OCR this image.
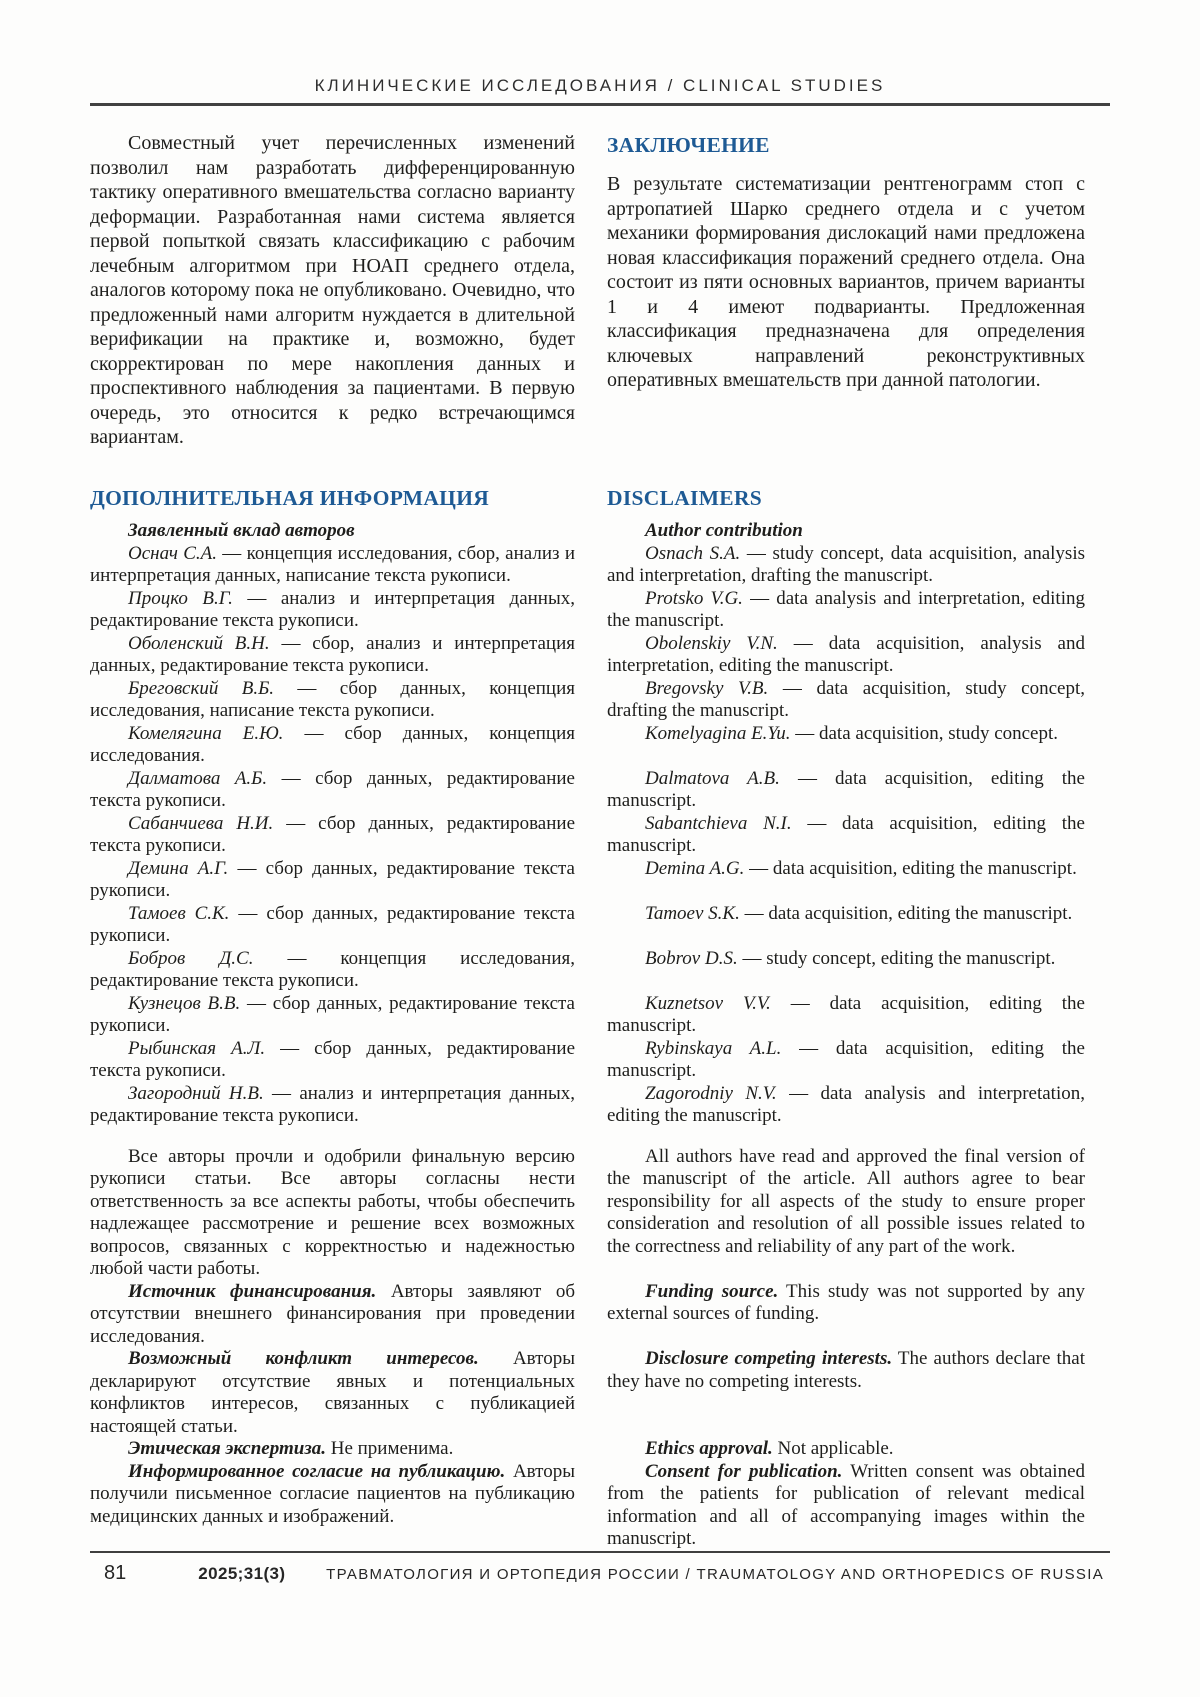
КЛИНИЧЕСКИЕ ИССЛЕДОВАНИЯ / CLINICAL STUDIES

Совместный учет перечисленных изменений позволил нам разработать дифференцированную тактику оперативного вмешательства согласно варианту деформации. Разработанная нами система является первой попыткой связать классификацию с рабочим лечебным алгоритмом при НОАП среднего отдела, аналогов которому пока не опубликовано. Очевидно, что предложенный нами алгоритм нуждается в длительной верификации на практике и, возможно, будет скорректирован по мере накопления данных и проспективного наблюдения за пациентами. В первую очередь, это относится к редко встречающимся вариантам.

ЗАКЛЮЧЕНИЕ

В результате систематизации рентгенограмм стоп с артропатией Шарко среднего отдела и с учетом механики формирования дислокаций нами предложена новая классификация поражений среднего отдела. Она состоит из пяти основных вариантов, причем варианты 1 и 4 имеют подварианты. Предложенная классификация предназначена для определения ключевых направлений реконструктивных оперативных вмешательств при данной патологии.

ДОПОЛНИТЕЛЬНАЯ ИНФОРМАЦИЯ	DISCLAIMERS

Заявленный вклад авторов	Author contribution

Оснач С.А. — концепция исследования, сбор, анализ и интерпретация данных, написание текста рукописи.

Osnach S.A. — study concept, data acquisition, analysis and interpretation, drafting the manuscript.

Процко В.Г. — анализ и интерпретация данных, редактирование текста рукописи.

Protsko V.G. — data analysis and interpretation, editing the manuscript.

Оболенский В.Н. — сбор, анализ и интерпретация данных, редактирование текста рукописи.

Obolenskiy V.N. — data acquisition, analysis and interpretation, editing the manuscript.

Бреговский В.Б. — сбор данных, концепция исследования, написание текста рукописи.

Bregovsky V.B. — data acquisition, study concept, drafting the manuscript.

Комелягина Е.Ю. — сбор данных, концепция исследования.

Komelyagina E.Yu. — data acquisition, study concept.

Далматова А.Б. — сбор данных, редактирование текста рукописи.

Dalmatova A.B. — data acquisition, editing the manuscript.

Сабанчиева Н.И. — сбор данных, редактирование текста рукописи.

Sabantchieva N.I. — data acquisition, editing the manuscript.

Демина А.Г. — сбор данных, редактирование текста рукописи.

Demina A.G. — data acquisition, editing the manuscript.

Тамоев С.К. — сбор данных, редактирование текста рукописи.

Tamoev S.K. — data acquisition, editing the manuscript.

Бобров Д.С. — концепция исследования, редактирование текста рукописи.

Bobrov D.S. — study concept, editing the manuscript.

Кузнецов В.В. — сбор данных, редактирование текста рукописи.

Kuznetsov V.V. — data acquisition, editing the manuscript.

Рыбинская А.Л. — сбор данных, редактирование текста рукописи.

Rybinskaya A.L. — data acquisition, editing the manuscript.

Загородний Н.В. — анализ и интерпретация данных, редактирование текста рукописи.

Zagorodniy N.V. — data analysis and interpretation, editing the manuscript.

Все авторы прочли и одобрили финальную версию рукописи статьи. Все авторы согласны нести ответственность за все аспекты работы, чтобы обеспечить надлежащее рассмотрение и решение всех возможных вопросов, связанных с корректностью и надежностью любой части работы.

All authors have read and approved the final version of the manuscript of the article. All authors agree to bear responsibility for all aspects of the study to ensure proper consideration and resolution of all possible issues related to the correctness and reliability of any part of the work.

Источник финансирования. Авторы заявляют об отсутствии внешнего финансирования при проведении исследования.

Funding source. This study was not supported by any external sources of funding.

Возможный конфликт интересов. Авторы декларируют отсутствие явных и потенциальных конфликтов интересов, связанных с публикацией настоящей статьи.

Disclosure competing interests. The authors declare that they have no competing interests.

Этическая экспертиза. Не применима.	Ethics approval. Not applicable.

Информированное согласие на публикацию. Авторы получили письменное согласие пациентов на публикацию медицинских данных и изображений.

Consent for publication. Written consent was obtained from the patients for publication of relevant medical information and all of accompanying images within the manuscript.

81	2025;31(3)	ТРАВМАТОЛОГИЯ И ОРТОПЕДИЯ РОССИИ / TRAUMATOLOGY AND ORTHOPEDICS OF RUSSIA
